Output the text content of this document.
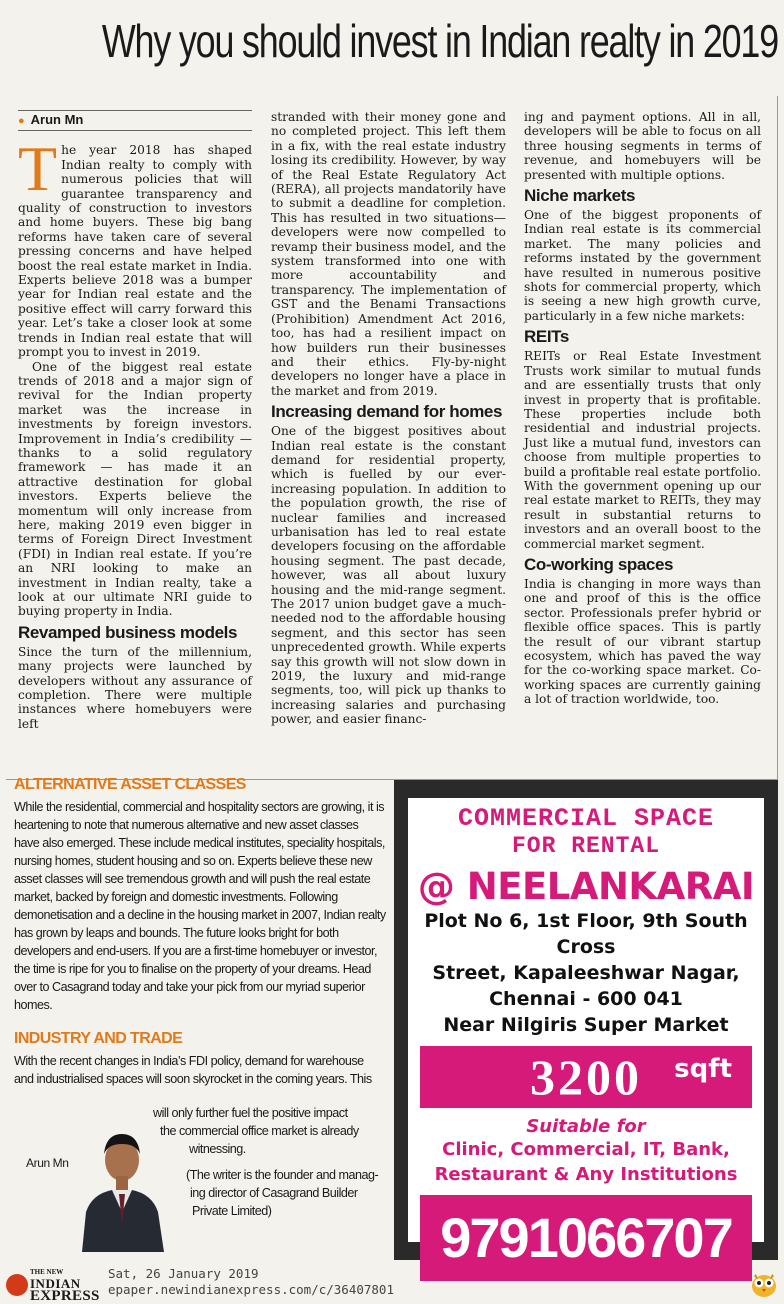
Why you should invest in Indian realty in 2019
● Arun Mn

The year 2018 has shaped Indian realty to comply with numerous policies that will guarantee transparency and quality of construction to investors and home buyers. These big bang reforms have taken care of several pressing concerns and have helped boost the real estate market in India. Experts believe 2018 was a bumper year for Indian real estate and the positive effect will carry forward this year. Let’s take a closer look at some trends in Indian real estate that will prompt you to invest in 2019.

One of the biggest real estate trends of 2018 and a major sign of revival for the Indian property market was the increase in investments by foreign investors. Improvement in India’s credibility — thanks to a solid regulatory framework — has made it an attractive destination for global investors. Experts believe the momentum will only increase from here, making 2019 even bigger in terms of Foreign Direct Investment (FDI) in Indian real estate. If you’re an NRI looking to make an investment in Indian realty, take a look at our ultimate NRI guide to buying property in India.

Revamped business models

Since the turn of the millennium, many projects were launched by developers without any assurance of completion. There were multiple instances where homebuyers were left

stranded with their money gone and no completed project. This left them in a fix, with the real estate industry losing its credibility. However, by way of the Real Estate Regulatory Act (RERA), all projects mandatorily have to submit a deadline for completion. This has resulted in two situations— developers were now compelled to revamp their business model, and the system transformed into one with more accountability and transparency. The implementation of GST and the Benami Transactions (Prohibition) Amendment Act 2016, too, has had a resilient impact on how builders run their businesses and their ethics. Fly-by-night developers no longer have a place in the market and from 2019.

Increasing demand for homes

One of the biggest positives about Indian real estate is the constant demand for residential property, which is fuelled by our ever-increasing population. In addition to the population growth, the rise of nuclear families and increased urbanisation has led to real estate developers focusing on the affordable housing segment. The past decade, however, was all about luxury housing and the mid-range segment. The 2017 union budget gave a much-needed nod to the affordable housing segment, and this sector has seen unprecedented growth. While experts say this growth will not slow down in 2019, the luxury and mid-range segments, too, will pick up thanks to increasing salaries and purchasing power, and easier financ-

ing and payment options. All in all, developers will be able to focus on all three housing segments in terms of revenue, and homebuyers will be presented with multiple options.

Niche markets

One of the biggest proponents of Indian real estate is its commercial market. The many policies and reforms instated by the government have resulted in numerous positive shots for commercial property, which is seeing a new high growth curve, particularly in a few niche markets:

REITs

REITs or Real Estate Investment Trusts work similar to mutual funds and are essentially trusts that only invest in property that is profitable. These properties include both residential and industrial projects. Just like a mutual fund, investors can choose from multiple properties to build a profitable real estate portfolio. With the government opening up our real estate market to REITs, they may result in substantial returns to investors and an overall boost to the commercial market segment.

Co-working spaces

India is changing in more ways than one and proof of this is the office sector. Professionals prefer hybrid or flexible office spaces. This is partly the result of our vibrant startup ecosystem, which has paved the way for the co-working space market. Co-working spaces are currently gaining a lot of traction worldwide, too.

ALTERNATIVE ASSET CLASSES

While the residential, commercial and hospitality sectors are growing, it is heartening to note that numerous alternative and new asset classes have also emerged. These include medical institutes, speciality hospitals, nursing homes, student housing and so on. Experts believe these new asset classes will see tremendous growth and will push the real estate market, backed by foreign and domestic investments. Following demonetisation and a decline in the housing market in 2007, Indian realty has grown by leaps and bounds. The future looks bright for both developers and end-users. If you are a first-time homebuyer or investor, the time is ripe for you to finalise on the property of your dreams. Head over to Casagrand today and take your pick from our myriad superior homes.

INDUSTRY AND TRADE

With the recent changes in India’s FDI policy, demand for warehouse and industrialised spaces will soon skyrocket in the coming years. This

Arun Mn
will only further fuel the positive impact
the commercial office market is already
witnessing.
(The writer is the founder and manag-
ing director of Casagrand Builder
Private Limited)
COMMERCIAL SPACE
FOR RENTAL
@ NEELANKARAI
Plot No 6, 1st Floor, 9th South Cross
Street, Kapaleeshwar Nagar,
Chennai - 600 041
Near Nilgiris Super Market
3200 sqft
Suitable for
Clinic, Commercial, IT, Bank,
Restaurant & Any Institutions
9791066707
THE NEW
INDIAN
EXPRESS
Sat, 26 January 2019
epaper.newindianexpress.com/c/36407801
